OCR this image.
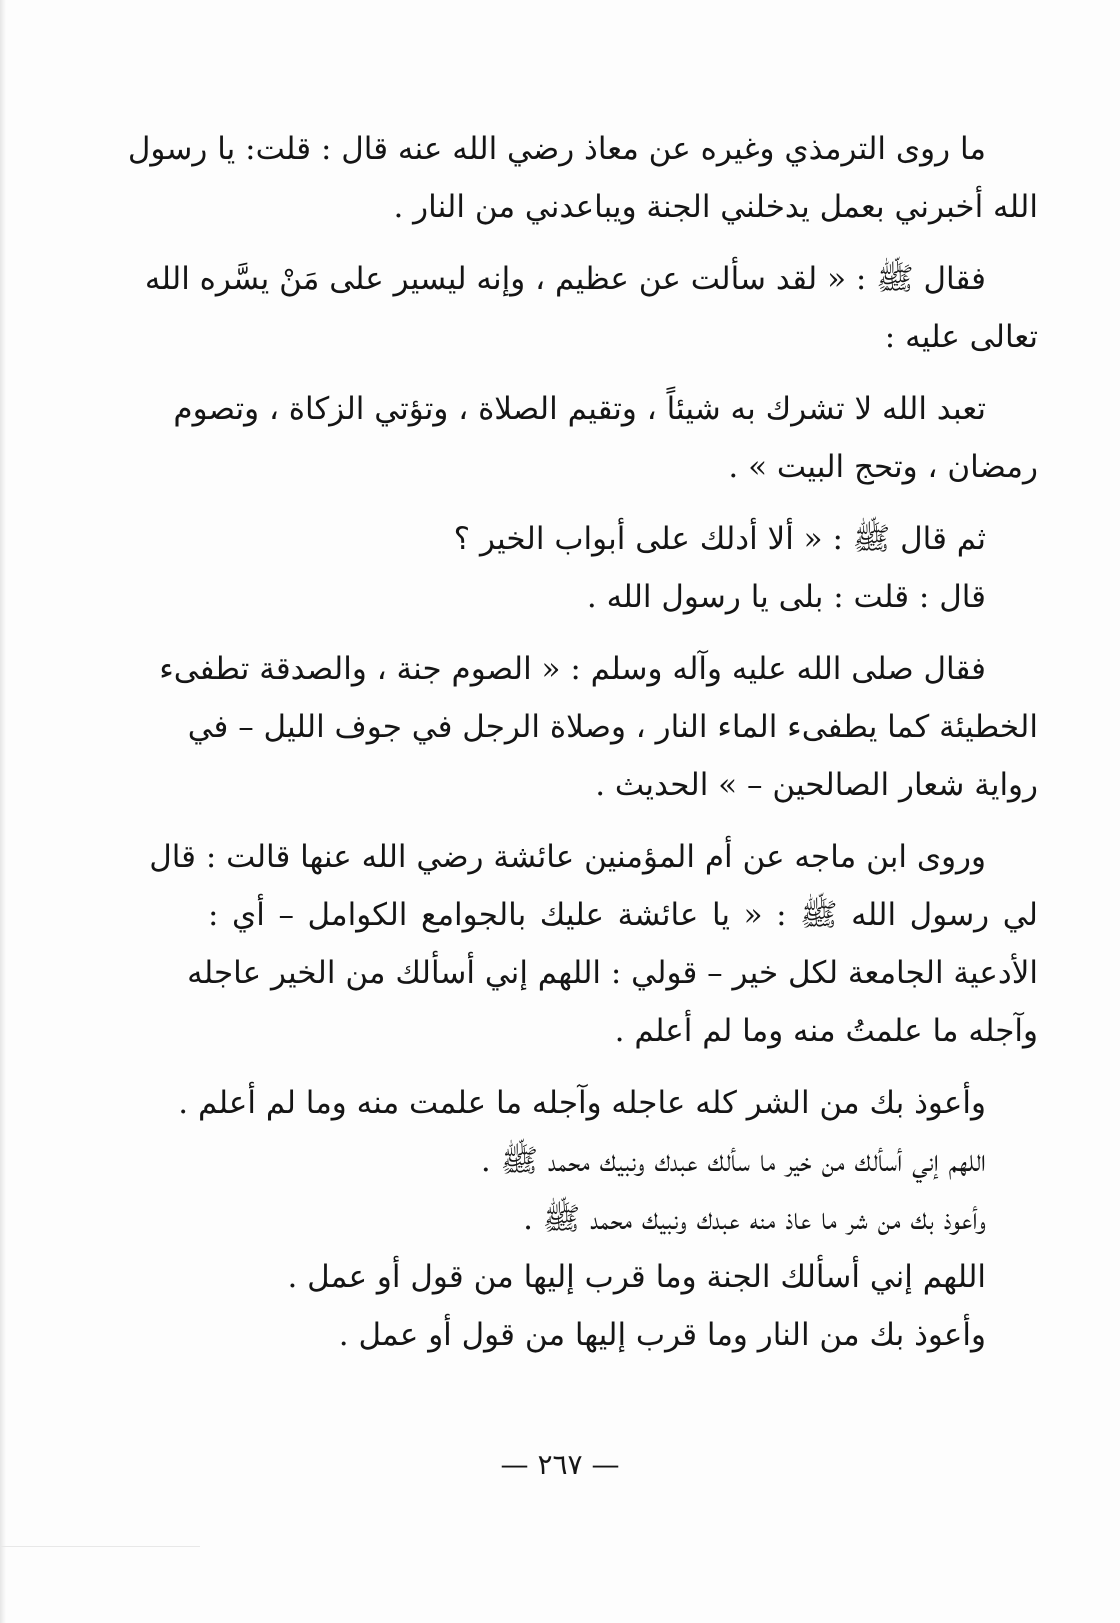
ما روى الترمذي وغيره عن معاذ رضي الله عنه قال : قلت: يا رسول
الله أخبرني بعمل يدخلني الجنة ويباعدني من النار .

فقال ﷺ : « لقد سألت عن عظيم ، وإنه ليسير على مَنْ يسَّره الله
تعالى عليه :

تعبد الله لا تشرك به شيئاً ، وتقيم الصلاة ، وتؤتي الزكاة ، وتصوم
رمضان ، وتحج البيت » .

ثم قال ﷺ : « ألا أدلك على أبواب الخير ؟

قال : قلت : بلى يا رسول الله .

فقال صلى الله عليه وآله وسلم : « الصوم جنة ، والصدقة تطفىء
الخطيئة كما يطفىء الماء النار ، وصلاة الرجل في جوف الليل – في
رواية شعار الصالحين – » الحديث .

وروى ابن ماجه عن أم المؤمنين عائشة رضي الله عنها قالت : قال
لي رسول الله ﷺ : « يا عائشة عليك بالجوامع الكوامل – أي :
الأدعية الجامعة لكل خير – قولي : اللهم إني أسألك من الخير عاجله
وآجله ما علمتُ منه وما لم أعلم .

وأعوذ بك من الشر كله عاجله وآجله ما علمت منه وما لم أعلم .
اللهم إني أسألك من خير ما سألك عبدك ونبيك محمد ﷺ .
وأعوذ بك من شر ما عاذ منه عبدك ونبيك محمد ﷺ .
اللهم إني أسألك الجنة وما قرب إليها من قول أو عمل .
وأعوذ بك من النار وما قرب إليها من قول أو عمل .
— ٢٦٧ —
